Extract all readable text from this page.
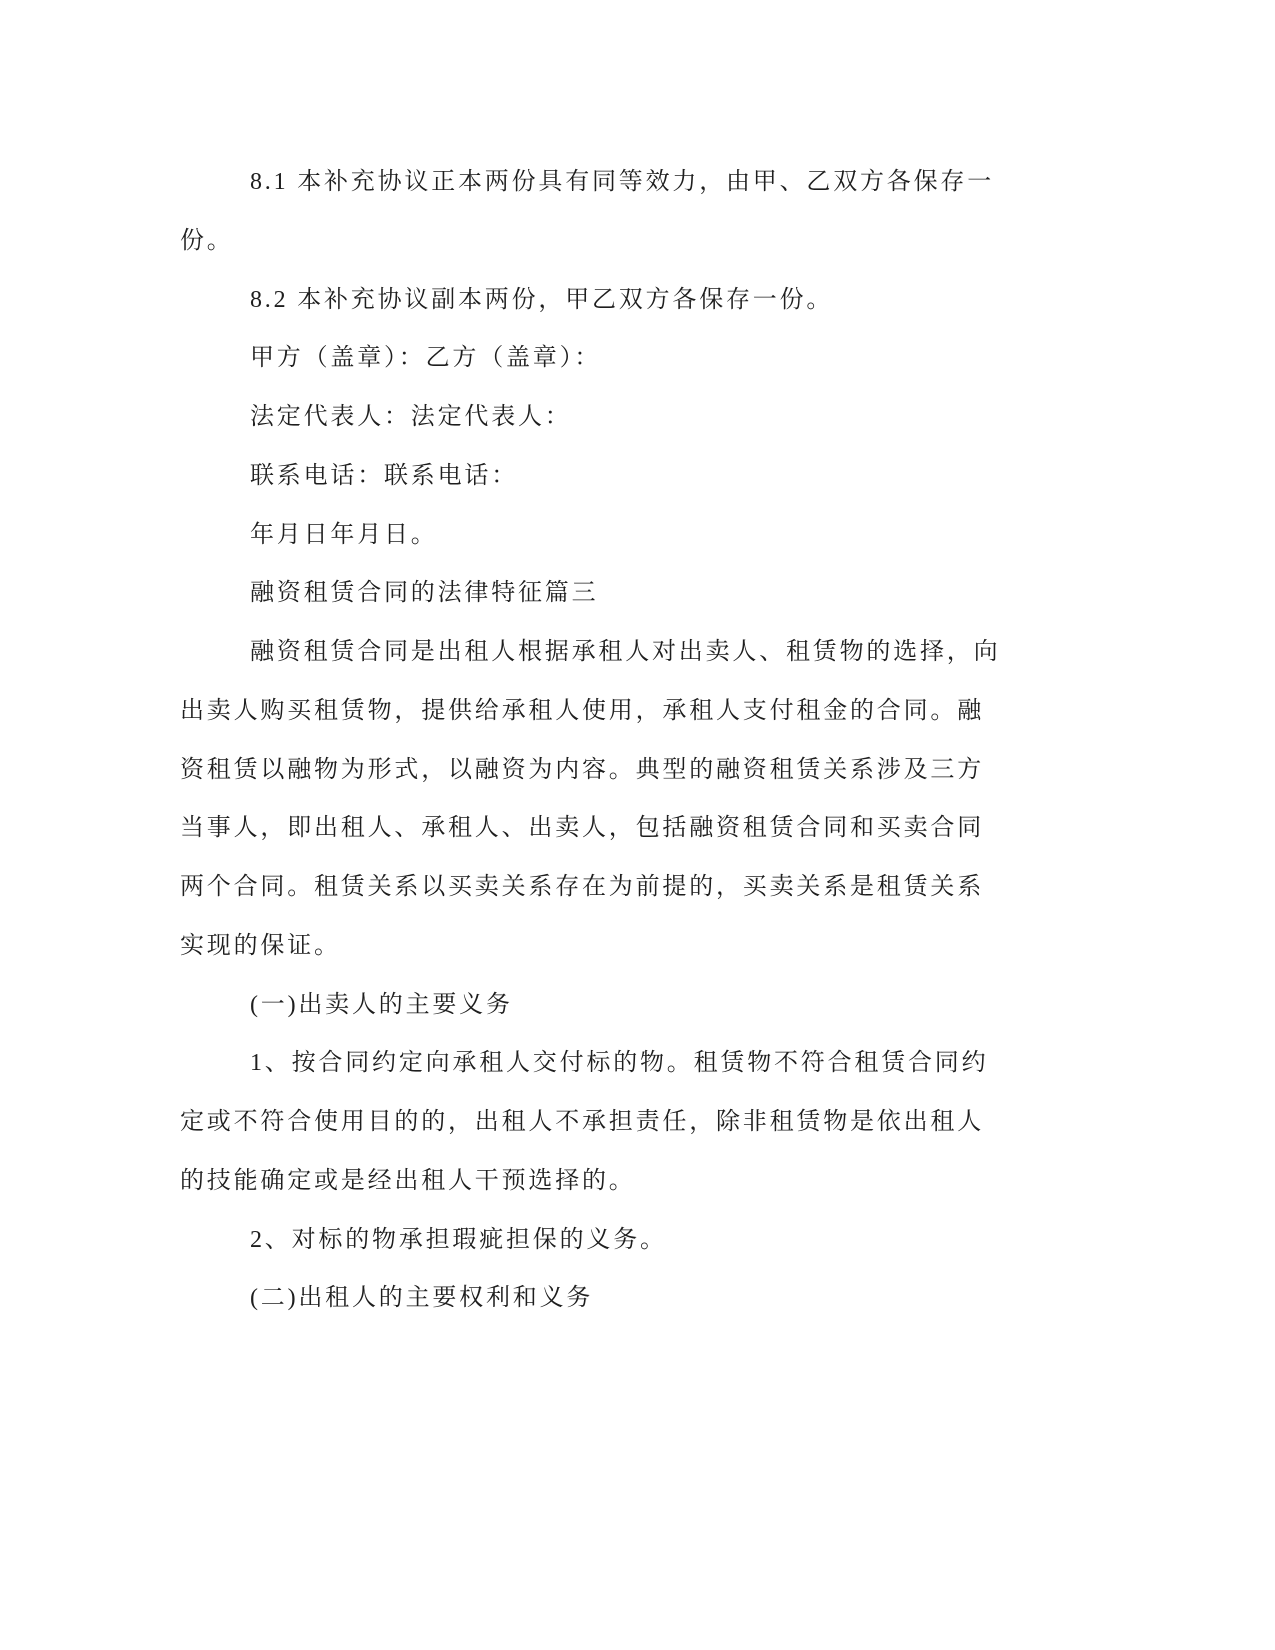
8.1 本补充协议正本两份具有同等效力，由甲、乙双方各保存一
份。
8.2 本补充协议副本两份，甲乙双方各保存一份。
甲方（盖章）：乙方（盖章）：
法定代表人：法定代表人：
联系电话：联系电话：
年月日年月日。
融资租赁合同的法律特征篇三
融资租赁合同是出租人根据承租人对出卖人、租赁物的选择，向
出卖人购买租赁物，提供给承租人使用，承租人支付租金的合同。融
资租赁以融物为形式，以融资为内容。典型的融资租赁关系涉及三方
当事人，即出租人、承租人、出卖人，包括融资租赁合同和买卖合同
两个合同。租赁关系以买卖关系存在为前提的，买卖关系是租赁关系
实现的保证。
(一)出卖人的主要义务
1、按合同约定向承租人交付标的物。租赁物不符合租赁合同约
定或不符合使用目的的，出租人不承担责任，除非租赁物是依出租人
的技能确定或是经出租人干预选择的。
2、对标的物承担瑕疵担保的义务。
(二)出租人的主要权利和义务
